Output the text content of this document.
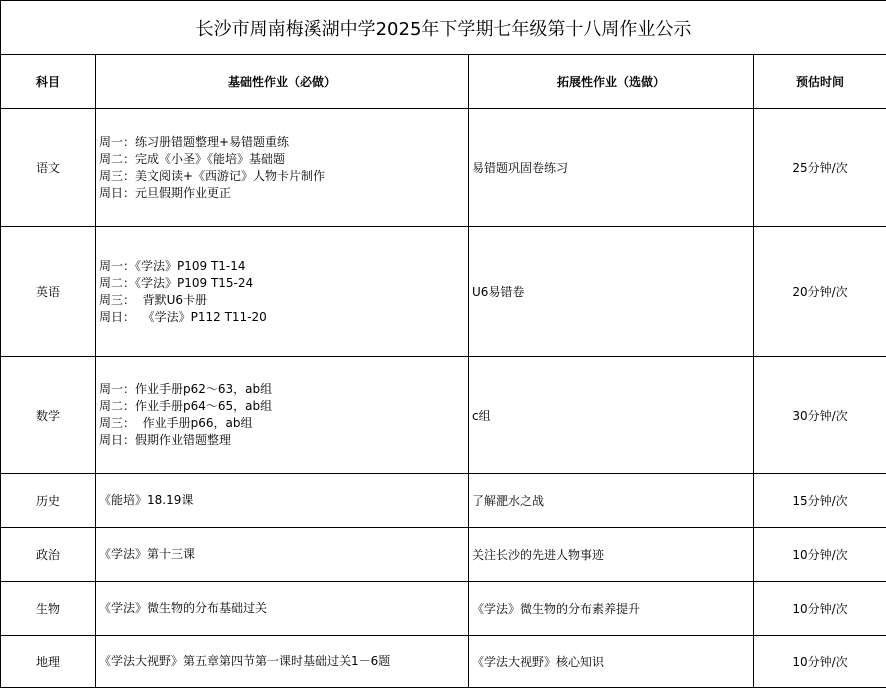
长沙市周南梅溪湖中学2025年下学期七年级第十八周作业公示			
科目	基础性作业（必做）	拓展性作业（选做）	预估时间
语文	周一：练习册错题整理+易错题重练
周二：完成《小圣》《能培》基础题
周三：美文阅读+《西游记》人物卡片制作
周日：元旦假期作业更正	易错题巩固卷练习	25分钟/次
英语	周一：《学法》P109 T1-14
周二：《学法》P109 T15-24
周三：  背默U6卡册
周日：  《学法》P112 T11-20	U6易错卷	20分钟/次
数学	周一：作业手册p62～63，ab组
周二：作业手册p64～65，ab组
周三：  作业手册p66，ab组
周日：假期作业错题整理	c组	30分钟/次
历史	《能培》18.19课	了解淝水之战	15分钟/次
政治	《学法》第十三课	关注长沙的先进人物事迹	10分钟/次
生物	《学法》微生物的分布基础过关	《学法》微生物的分布素养提升	10分钟/次
地理	《学法大视野》第五章第四节第一课时基础过关1－6题	《学法大视野》核心知识	10分钟/次
